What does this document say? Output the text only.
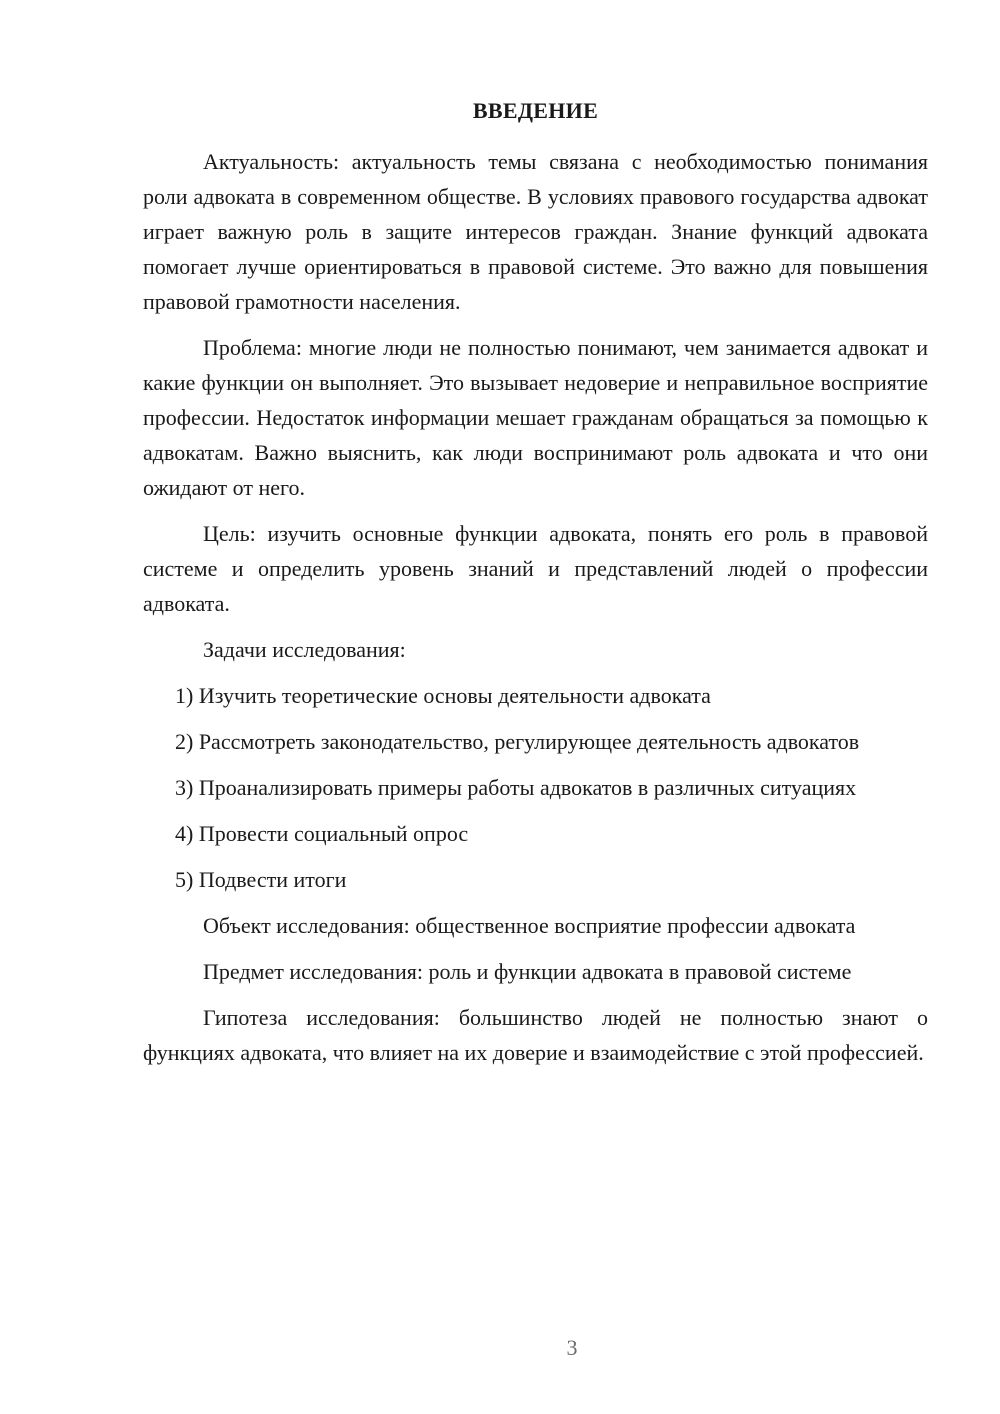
ВВЕДЕНИЕ

Актуальность: актуальность темы связана с необходимостью понимания роли адвоката в современном обществе. В условиях правового государства адвокат играет важную роль в защите интересов граждан. Знание функций адвоката помогает лучше ориентироваться в правовой системе. Это важно для повышения правовой грамотности населения.

Проблема: многие люди не полностью понимают, чем занимается адвокат и какие функции он выполняет. Это вызывает недоверие и неправильное восприятие профессии. Недостаток информации мешает гражданам обращаться за помощью к адвокатам. Важно выяснить, как люди воспринимают роль адвоката и что они ожидают от него.

Цель: изучить основные функции адвоката, понять его роль в правовой системе и определить уровень знаний и представлений людей о профессии адвоката.

Задачи исследования:

1) Изучить теоретические основы деятельности адвоката

2) Рассмотреть законодательство, регулирующее деятельность адвокатов

3) Проанализировать примеры работы адвокатов в различных ситуациях

4) Провести социальный опрос

5) Подвести итоги

Объект исследования: общественное восприятие профессии адвоката

Предмет исследования: роль и функции адвоката в правовой системе

Гипотеза исследования: большинство людей не полностью знают о функциях адвоката, что влияет на их доверие и взаимодействие с этой профессией.

3
